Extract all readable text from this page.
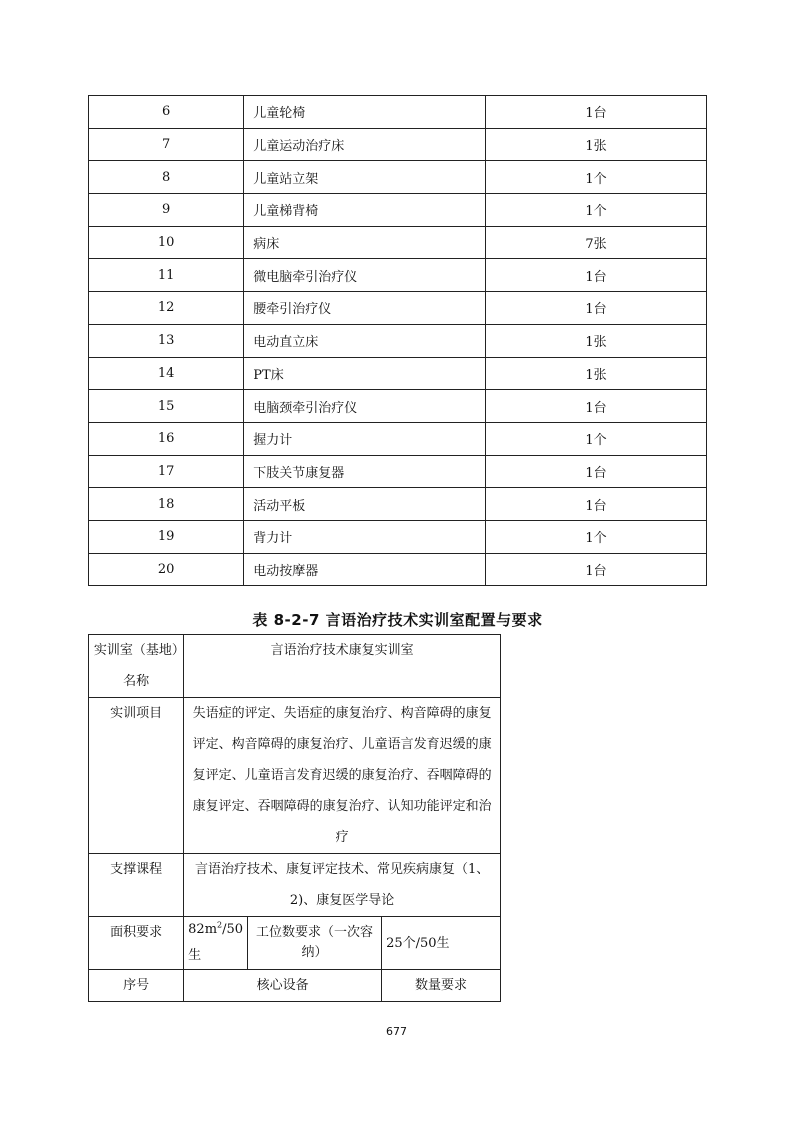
6	儿童轮椅	1台
7	儿童运动治疗床	1张
8	儿童站立架	1个
9	儿童梯背椅	1个
10	病床	7张
11	微电脑牵引治疗仪	1台
12	腰牵引治疗仪	1台
13	电动直立床	1张
14	PT床	1张
15	电脑颈牵引治疗仪	1台
16	握力计	1个
17	下肢关节康复器	1台
18	活动平板	1台
19	背力计	1个
20	电动按摩器	1台
表 8-2-7 言语治疗技术实训室配置与要求
实训室（基地）名称	言语治疗技术康复实训室		
实训项目	失语症的评定、失语症的康复治疗、构音障碍的康复评定、构音障碍的康复治疗、儿童语言发育迟缓的康复评定、儿童语言发育迟缓的康复治疗、吞咽障碍的康复评定、吞咽障碍的康复治疗、认知功能评定和治疗		
支撑课程	言语治疗技术、康复评定技术、常见疾病康复（1、2)、康复医学导论		
面积要求	$82m^2/50$生	工位数要求（一次容纳）	25个/50生
序号	核心设备		数量要求
677
